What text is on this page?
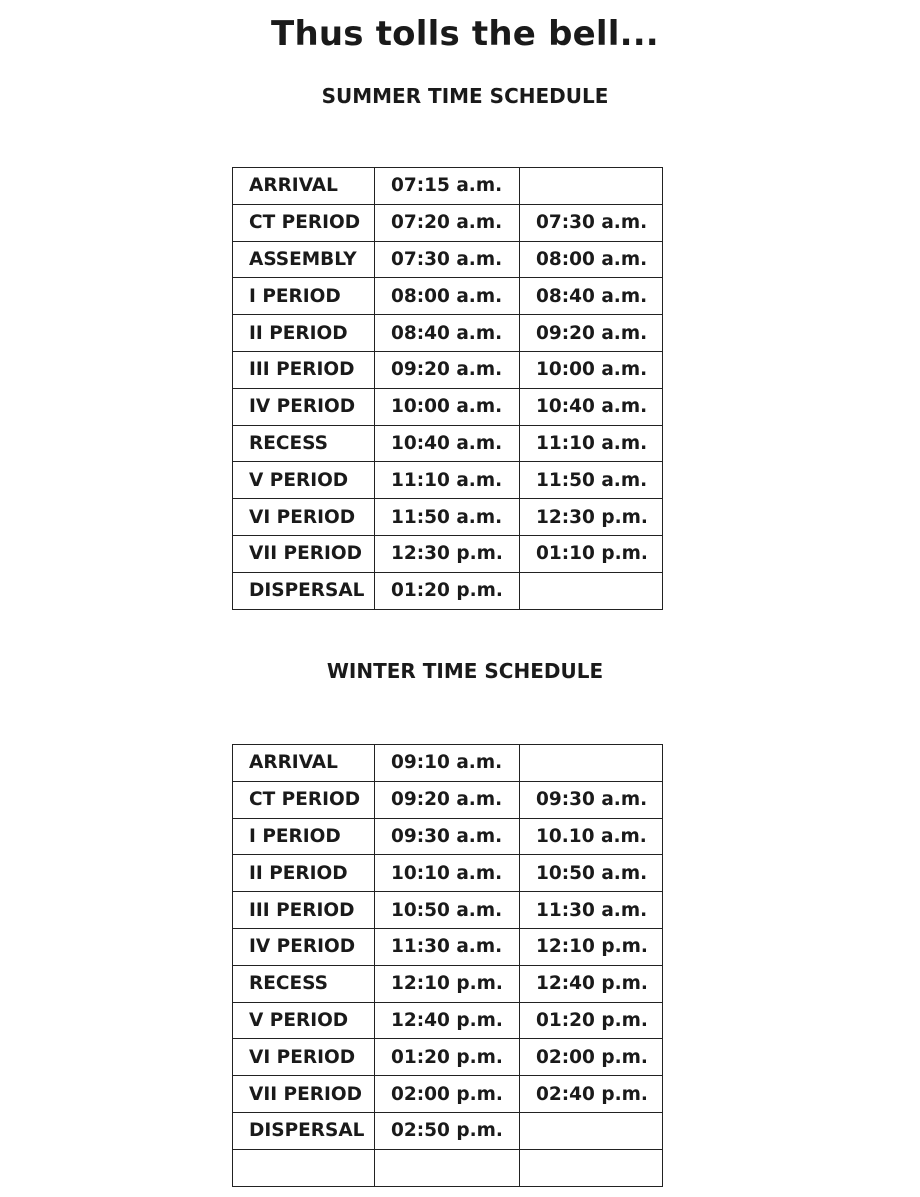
Thus tolls the bell...
SUMMER TIME SCHEDULE
ARRIVAL	07:15 a.m.	
CT PERIOD	07:20 a.m.	07:30 a.m.
ASSEMBLY	07:30 a.m.	08:00 a.m.
I PERIOD	08:00 a.m.	08:40 a.m.
II PERIOD	08:40 a.m.	09:20 a.m.
III PERIOD	09:20 a.m.	10:00 a.m.
IV PERIOD	10:00 a.m.	10:40 a.m.
RECESS	10:40 a.m.	11:10 a.m.
V PERIOD	11:10 a.m.	11:50 a.m.
VI PERIOD	11:50 a.m.	12:30 p.m.
VII PERIOD	12:30 p.m.	01:10 p.m.
DISPERSAL	01:20 p.m.	
WINTER TIME SCHEDULE
ARRIVAL	09:10 a.m.	
CT PERIOD	09:20 a.m.	09:30 a.m.
I PERIOD	09:30 a.m.	10.10 a.m.
II PERIOD	10:10 a.m.	10:50 a.m.
III PERIOD	10:50 a.m.	11:30 a.m.
IV PERIOD	11:30 a.m.	12:10 p.m.
RECESS	12:10 p.m.	12:40 p.m.
V PERIOD	12:40 p.m.	01:20 p.m.
VI PERIOD	01:20 p.m.	02:00 p.m.
VII PERIOD	02:00 p.m.	02:40 p.m.
DISPERSAL	02:50 p.m.	
